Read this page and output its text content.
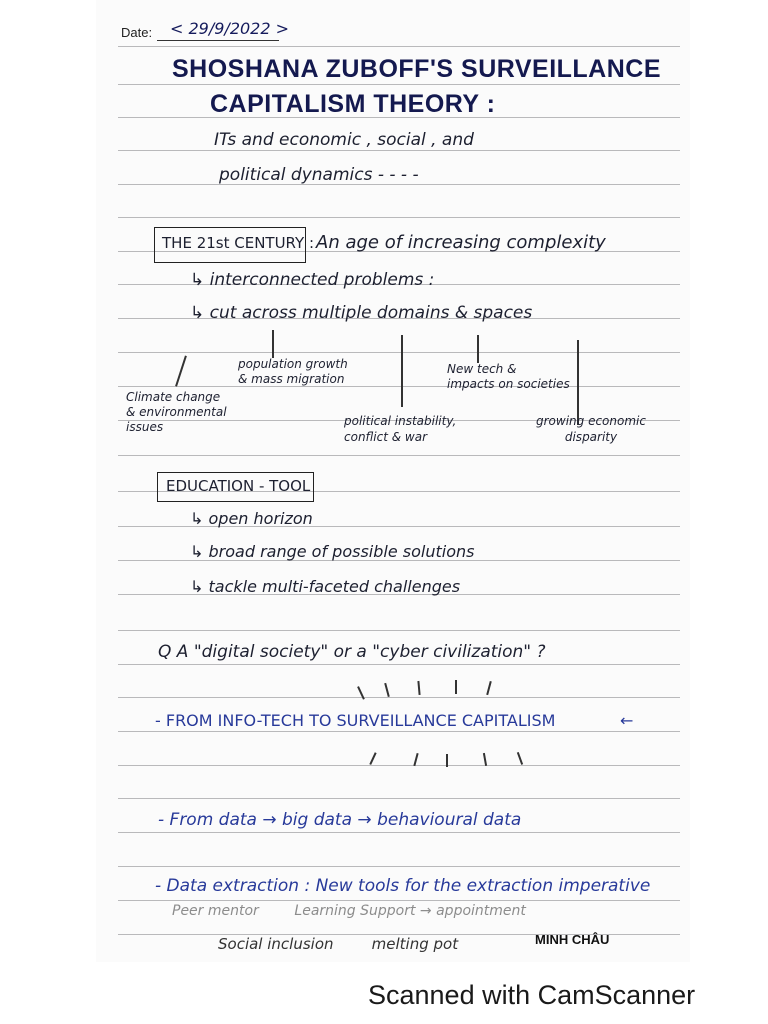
Date: < 29/9/2022 >
SHOSHANA ZUBOFF'S SURVEILLANCE
CAPITALISM THEORY :
ITs and economic , social , and
political dynamics - - - -
THE 21st CENTURY : An age of increasing complexity
↳ interconnected problems :
↳ cut across multiple domains & spaces
population growth
& mass migration
New tech &
impacts on societies
Climate change
& environmental
issues	political instability,
conflict & war
growing economic
disparity
EDUCATION - TOOL
↳ open horizon
↳ broad range of possible solutions
↳ tackle multi-faceted challenges
Q A "digital society" or a "cyber civilization" ?
- FROM INFO-TECH TO SURVEILLANCE CAPITALISM	←
- From data → big data → behavioural data
- Data extraction : New tools for the extraction imperative
Peer mentor        Learning Support → appointment
Social inclusion        melting pot	MINH CHÂU
Scanned with CamScanner
